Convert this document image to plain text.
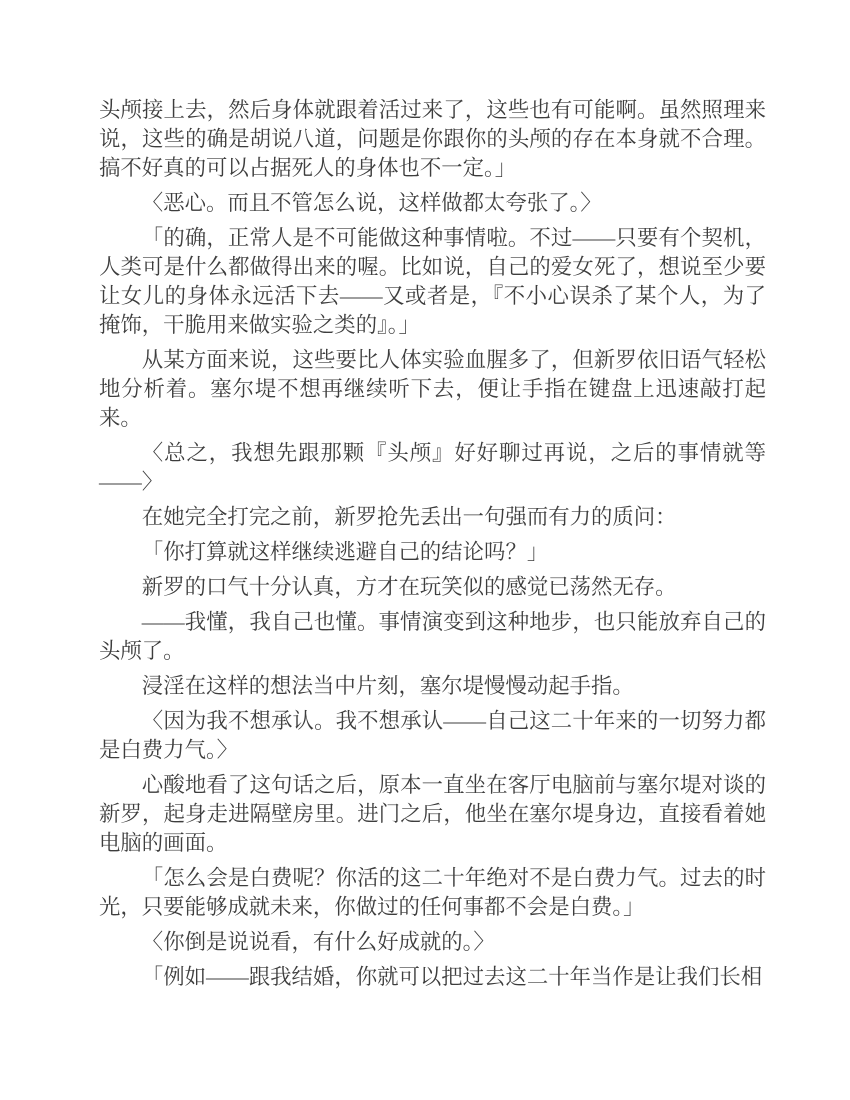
头颅接上去，然后身体就跟着活过来了，这些也有可能啊。虽然照理来说，这些的确是胡说八道，问题是你跟你的头颅的存在本身就不合理。搞不好真的可以占据死人的身体也不一定。」

〈恶心。而且不管怎么说，这样做都太夸张了。〉

「的确，正常人是不可能做这种事情啦。不过——只要有个契机，人类可是什么都做得出来的喔。比如说，自己的爱女死了，想说至少要让女儿的身体永远活下去——又或者是，『不小心误杀了某个人，为了掩饰，干脆用来做实验之类的』。」

从某方面来说，这些要比人体实验血腥多了，但新罗依旧语气轻松地分析着。塞尔堤不想再继续听下去，便让手指在键盘上迅速敲打起来。

〈总之，我想先跟那颗『头颅』好好聊过再说，之后的事情就等——〉

在她完全打完之前，新罗抢先丢出一句强而有力的质问：

「你打算就这样继续逃避自己的结论吗？」

新罗的口气十分认真，方才在玩笑似的感觉已荡然无存。

——我懂，我自己也懂。事情演变到这种地步，也只能放弃自己的头颅了。

浸淫在这样的想法当中片刻，塞尔堤慢慢动起手指。

〈因为我不想承认。我不想承认——自己这二十年来的一切努力都是白费力气。〉

心酸地看了这句话之后，原本一直坐在客厅电脑前与塞尔堤对谈的新罗，起身走进隔壁房里。进门之后，他坐在塞尔堤身边，直接看着她电脑的画面。

「怎么会是白费呢？你活的这二十年绝对不是白费力气。过去的时光，只要能够成就未来，你做过的任何事都不会是白费。」

〈你倒是说说看，有什么好成就的。〉

「例如——跟我结婚，你就可以把过去这二十年当作是让我们长相
